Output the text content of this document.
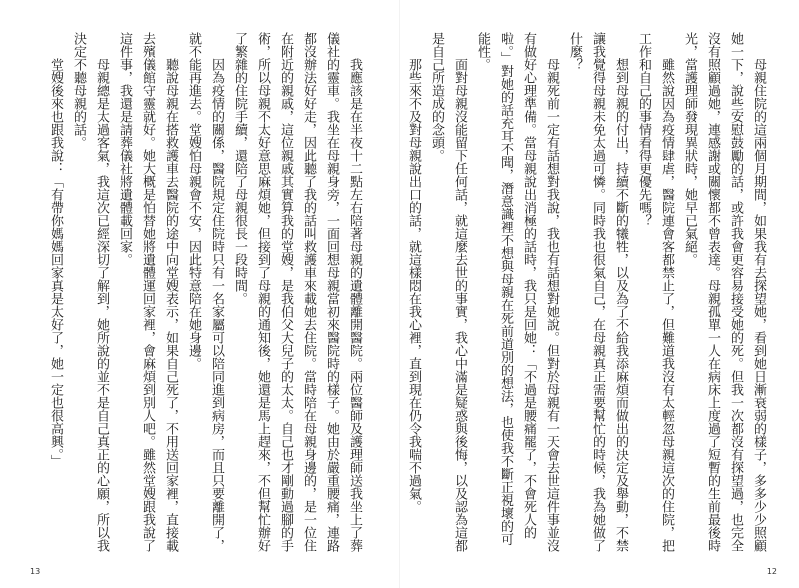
我應該是在半夜十二點左右陪著母親的遺體離開醫院。兩位醫師及護理師送我坐上了葬儀社的靈車。我坐在母親身旁，一面回想母親當初來醫院時的樣子。她由於嚴重腰痛，連路都沒辦法好好走，因此聽了我的話叫救護車來載她去住院。當時陪在母親身邊的，是一位住在附近的親戚，這位親戚其實算我的堂嫂，是我伯父大兒子的太太。自己也才剛動過腳的手術，所以母親不太好意思麻煩她，但接到了母親的通知後，她還是馬上趕來，不但幫忙辦好了繁雜的住院手續，還陪了母親很長一段時間。

因為疫情的關係，醫院規定住院時只有一名家屬可以陪同進到病房，而且只要離開了，就不能再進去。堂嫂怕母親會不安，因此特意陪在她身邊。

聽說母親在搭救護車去醫院的途中向堂嫂表示，如果自己死了，不用送回家裡，直接載去殯儀館守靈就好。她大概是怕替她將遺體運回家裡，會麻煩到別人吧。雖然堂嫂跟我說了這件事，我還是請葬儀社將遺體載回家。

母親總是太過客氣，我這次已經深切了解到，她所說的並不是自己真正的心願，所以我決定不聽母親的話。

堂嫂後來也跟我說：「有帶你媽媽回家真是太好了，她一定也很高興。」

13

母親住院的這兩個月期間，如果我有去探望她，看到她日漸衰弱的樣子，多多少少照顧她一下，說些安慰鼓勵的話，或許我會更容易接受她的死。但我一次都沒有探望過，也完全沒有照顧過她，連感謝或關懷都不曾表達。母親孤單一人在病床上度過了短暫的生前最後時光，當護理師發現異狀時，她早已氣絕。

雖然說因為疫情肆虐，醫院連會客都禁止了，但難道我沒有太輕忽母親這次的住院，把工作和自己的事情看得更優先嗎？

想到母親的付出，持續不斷的犧牲，以及為了不給我添麻煩而做出的決定及舉動，不禁讓我覺得母親未免太過可憐。同時我也很氣自己，在母親真正需要幫忙的時候，我為她做了什麼？

母親死前一定有話想對我說，我也有話想對她說。但對於母親有一天會去世這件事並沒有做好心理準備。當母親說出消極的話時，我只是回她：「不過是腰痛罷了，不會死人的啦。」對她的話充耳不聞，潛意識裡不想與母親在死前道別的想法，也使我不斷正視壞的可能性。

面對母親沒能留下任何話，就這麼去世的事實，我心中滿是疑惑與後悔，以及認為這都是自己所造成的念頭。

那些來不及對母親說出口的話，就這樣悶在我心裡，直到現在仍令我喘不過氣。

12
